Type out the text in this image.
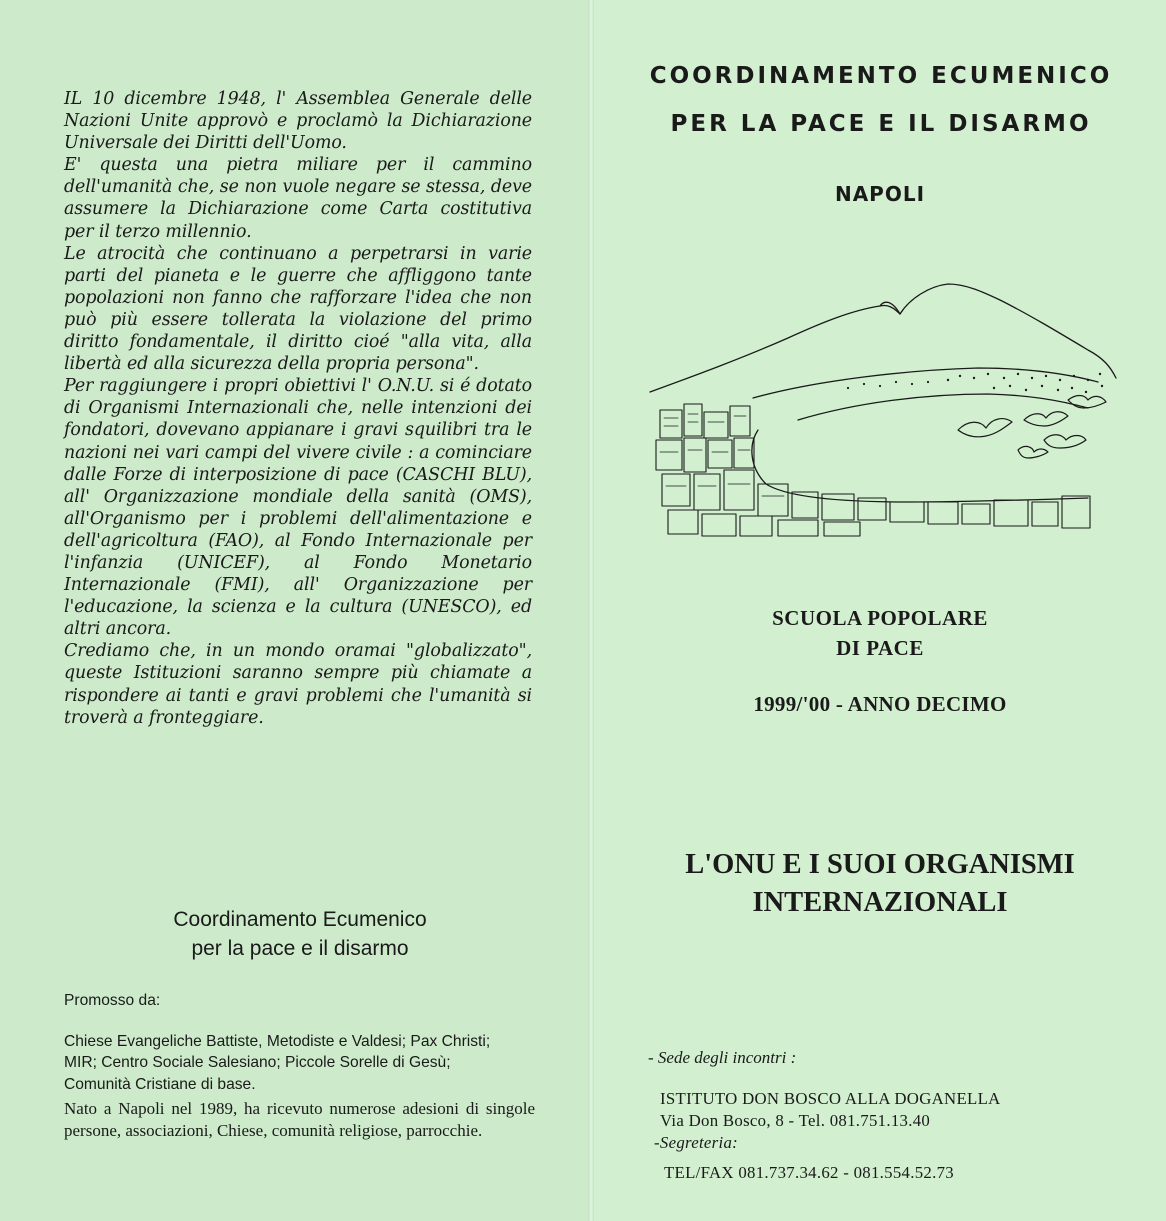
IL 10 dicembre 1948, l' Assemblea Generale delle Nazioni Unite approvò e proclamò la Dichiarazione Universale dei Diritti dell'Uomo.

E' questa una pietra miliare per il cammino dell'umanità che, se non vuole negare se stessa, deve assumere la Dichiarazione come Carta costitutiva per il terzo millennio.

Le atrocità che continuano a perpetrarsi in varie parti del pianeta e le guerre che affliggono tante popolazioni non fanno che rafforzare l'idea che non può più essere tollerata la violazione del primo diritto fondamentale, il diritto cioé "alla vita, alla libertà ed alla sicurezza della propria persona".

Per raggiungere i propri obiettivi l' O.N.U. si é dotato di Organismi Internazionali che, nelle intenzioni dei fondatori, dovevano appianare i gravi squilibri tra le nazioni nei vari campi del vivere civile : a cominciare dalle Forze di interposizione di pace (CASCHI BLU), all' Organizzazione mondiale della sanità (OMS), all'Organismo per i problemi dell'alimentazione e dell'agricoltura (FAO), al Fondo Internazionale per l'infanzia (UNICEF), al Fondo Monetario Internazionale (FMI), all' Organizzazione per l'educazione, la scienza e la cultura (UNESCO), ed altri ancora.

Crediamo che, in un mondo oramai "globalizzato", queste Istituzioni saranno sempre più chiamate a rispondere ai tanti e gravi problemi che l'umanità si troverà a fronteggiare.

Coordinamento Ecumenico
per la pace e il disarmo
Promosso da:
Chiese Evangeliche Battiste, Metodiste e Valdesi; Pax Christi;
MIR; Centro Sociale Salesiano; Piccole Sorelle di Gesù;
Comunità Cristiane di base.
Nato a Napoli nel 1989, ha ricevuto numerose adesioni di singole persone, associazioni, Chiese, comunità religiose, parrocchie.
COORDINAMENTO ECUMENICO
PER LA PACE E IL DISARMO
NAPOLI
SCUOLA POPOLARE
DI PACE
1999/'00 - ANNO DECIMO
L'ONU E I SUOI ORGANISMI
INTERNAZIONALI
- Sede degli incontri :
ISTITUTO DON BOSCO ALLA DOGANELLA
Via Don Bosco, 8 - Tel. 081.751.13.40
-Segreteria:
TEL/FAX 081.737.34.62 - 081.554.52.73
